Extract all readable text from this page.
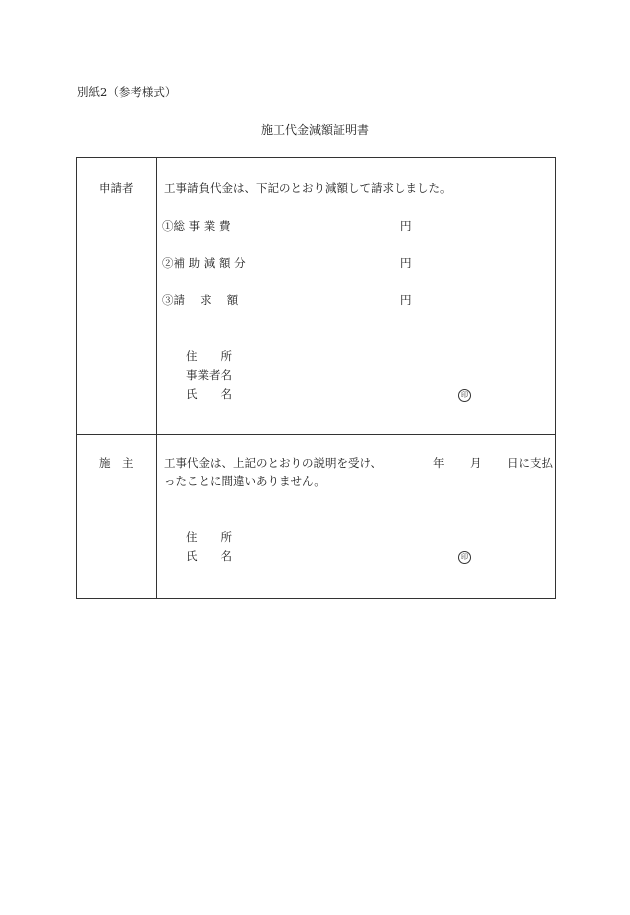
別紙2（参考様式）
施工代金減額証明書
申請者	工事請負代金は、下記のとおり減額して請求しました。
①総 事 業 費	円
②補 助 減 額 分	円
③請　 求　 額	円
住　　所
事業者名
氏　　名	印
施　主	工事代金は、上記のとおりの説明を受け、	年 月 日に支払
ったことに間違いありません。
住　　所
氏　　名	印
